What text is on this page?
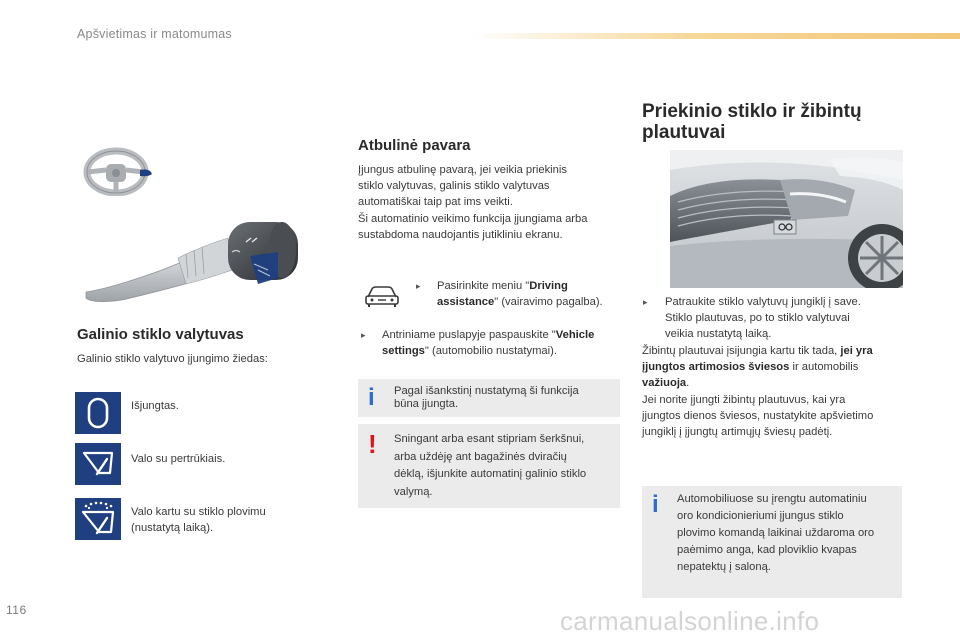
Apšvietimas ir matomumas
Galinio stiklo valytuvas
Galinio stiklo valytuvo įjungimo žiedas:
Išjungtas.
Valo su pertrūkiais.
Valo kartu su stiklo plovimu
(nustatytą laiką).
Atbulinė pavara
Įjungus atbulinę pavarą, jei veikia priekinis
stiklo valytuvas, galinis stiklo valytuvas
automatiškai taip pat ims veikti.
Ši automatinio veikimo funkcija įjungiama arba
sustabdoma naudojantis jutikliniu ekranu.
▸	Pasirinkite meniu "Driving
assistance" (vairavimo pagalba).
▸	Antriniame puslapyje paspauskite "Vehicle
settings" (automobilio nustatymai).
i Pagal išankstinį nustatymą ši funkcija
būna įjungta.
! Sningant arba esant stipriam šerkšnui,
arba uždėję ant bagažinės dviračių
dėklą, išjunkite automatinį galinio stiklo
valymą.
Priekinio stiklo ir žibintų
plautuvai
▸	Patraukite stiklo valytuvų jungiklį į save.
Stiklo plautuvas, po to stiklo valytuvai
veikia nustatytą laiką.
Žibintų plautuvai įsijungia kartu tik tada, jei yra
įjungtos artimosios šviesos ir automobilis
važiuoja.
Jei norite įjungti žibintų plautuvus, kai yra
įjungtos dienos šviesos, nustatykite apšvietimo
jungiklį į įjungtų artimųjų šviesų padėtį.
i Automobiliuose su įrengtu automatiniu
oro kondicionieriumi įjungus stiklo
plovimo komandą laikinai uždaroma oro
paėmimo anga, kad ploviklio kvapas
nepatektų į saloną.
116	carmanualsonline.info
